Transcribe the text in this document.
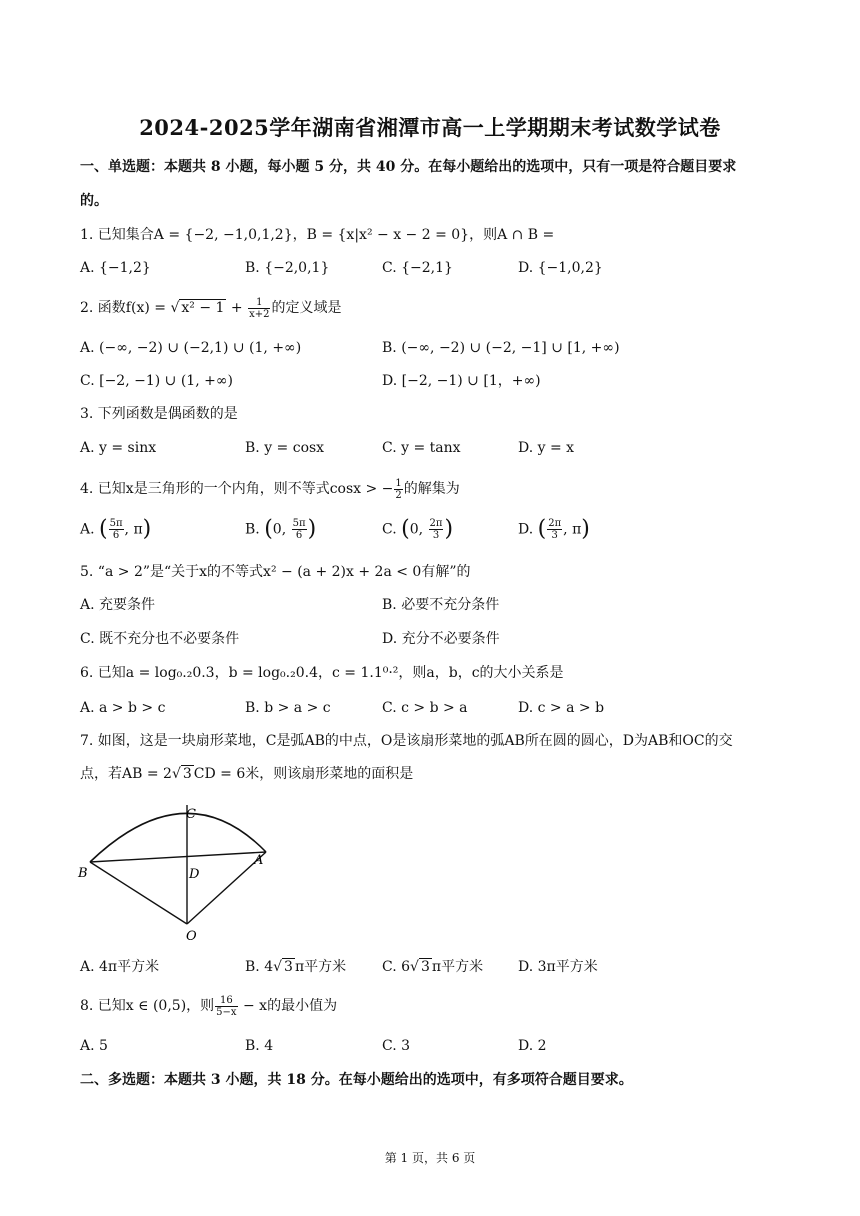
2024-2025学年湖南省湘潭市高一上学期期末考试数学试卷
一、单选题：本题共 8 小题，每小题 5 分，共 40 分。在每小题给出的选项中，只有一项是符合题目要求
的。
1. 已知集合A = {−2, −1,0,1,2}，B = {x|x² − x − 2 = 0}，则A ∩ B =
A. {−1,2}	B. {−2,0,1}	C. {−2,1}	D. {−1,0,2}
2. 函数f(x) = √ $x^2 - 1 + \frac{1}{x+2}$ 的定义域是
A. (−∞, −2) ∪ (−2,1) ∪ (1, +∞)	B. (−∞, −2) ∪ (−2, −1] ∪ [1, +∞)
C. [−2, −1) ∪ (1, +∞)	D. [−2, −1) ∪ [1，+∞)
3. 下列函数是偶函数的是
A. y = sinx	B. y = cosx	C. y = tanx	D. y = x
4. 已知x是三角形的一个内角，则不等式cosx > − $\frac{1}{2}$ 的解集为
A. ( $\frac{5\pi}{6}$ , π)	B. (0, $\frac{5\pi}{6}$ )	C. (0, $\frac{2\pi}{3}$ )	D. ( $\frac{2\pi}{3}$ , π)
5. “a > 2”是“关于x的不等式x² − (a + 2)x + 2a < 0有解”的
A. 充要条件	B. 必要不充分条件
C. 既不充分也不必要条件	D. 充分不必要条件
6. 已知a = log₀.₂0.3，b = log₀.₂0.4，c = 1.1⁰·²，则a，b，c的大小关系是
A. a > b > c	B. b > a > c	C. c > b > a	D. c > a > b
7. 如图，这是一块扇形菜地，C是弧AB的中点，O是该扇形菜地的弧AB所在圆的圆心，D为AB和OC的交
点，若AB = 2√ 3 CD = 6米，则该扇形菜地的面积是
C
A
B	D
O
A. 4π平方米	B. 4√ 3 π平方米	C. 6√ 3 π平方米 D. 3π平方米
8. 已知x ∈ (0,5)，则 $\frac{16}{5-x} - x$的最小值为
A. 5	B. 4	C. 3	D. 2
二、多选题：本题共 3 小题，共 18 分。在每小题给出的选项中，有多项符合题目要求。
第 1 页，共 6 页
